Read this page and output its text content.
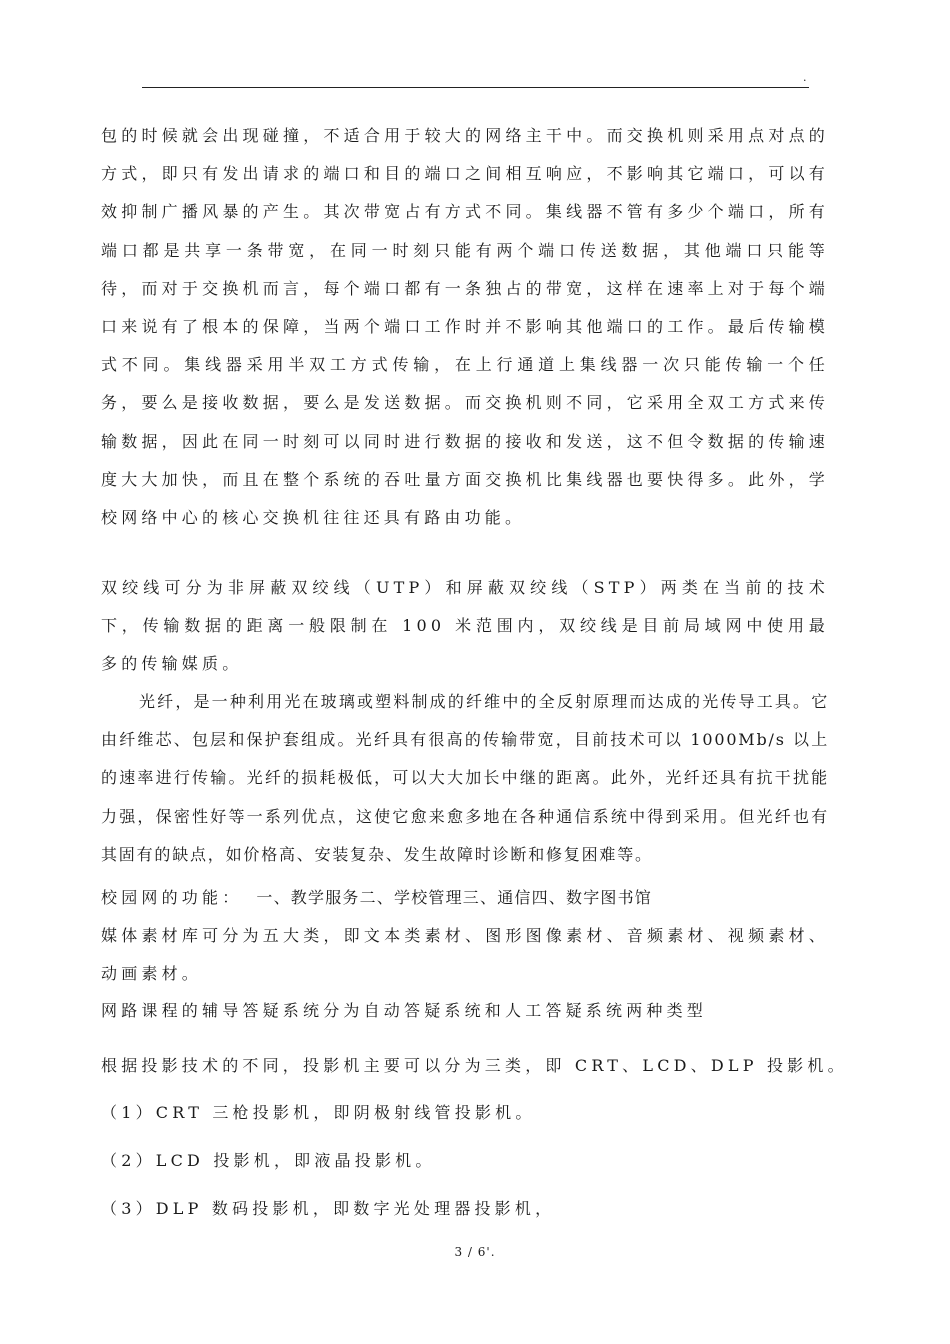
.

包的时候就会出现碰撞，不适合用于较大的网络主干中。而交换机则采用点对点的方式，即只有发出请求的端口和目的端口之间相互响应，不影响其它端口，可以有效抑制广播风暴的产生。其次带宽占有方式不同。集线器不管有多少个端口，所有端口都是共享一条带宽，在同一时刻只能有两个端口传送数据，其他端口只能等待，而对于交换机而言，每个端口都有一条独占的带宽，这样在速率上对于每个端口来说有了根本的保障，当两个端口工作时并不影响其他端口的工作。最后传输模式不同。集线器采用半双工方式传输，在上行通道上集线器一次只能传输一个任务，要么是接收数据，要么是发送数据。而交换机则不同，它采用全双工方式来传输数据，因此在同一时刻可以同时进行数据的接收和发送，这不但令数据的传输速度大大加快，而且在整个系统的吞吐量方面交换机比集线器也要快得多。此外，学校网络中心的核心交换机往往还具有路由功能。

双绞线可分为非屏蔽双绞线（UTP）和屏蔽双绞线（STP）两类在当前的技术下，传输数据的距离一般限制在 100 米范围内，双绞线是目前局域网中使用最多的传输媒质。

光纤，是一种利用光在玻璃或塑料制成的纤维中的全反射原理而达成的光传导工具。它由纤维芯、包层和保护套组成。光纤具有很高的传输带宽，目前技术可以 1000Mb/s 以上的速率进行传输。光纤的损耗极低，可以大大加长中继的距离。此外，光纤还具有抗干扰能力强，保密性好等一系列优点，这使它愈来愈多地在各种通信系统中得到采用。但光纤也有其固有的缺点，如价格高、安装复杂、发生故障时诊断和修复困难等。

校园网的功能： 一、教学服务二、学校管理三、通信四、数字图书馆

媒体素材库可分为五大类，即文本类素材、图形图像素材、音频素材、视频素材、动画素材。

网路课程的辅导答疑系统分为自动答疑系统和人工答疑系统两种类型
根据投影技术的不同，投影机主要可以分为三类，即 CRT、LCD、DLP 投影机。
（1）CRT 三枪投影机，即阴极射线管投影机。
（2）LCD 投影机，即液晶投影机。
（3）DLP 数码投影机，即数字光处理器投影机，
3 / 6'.
